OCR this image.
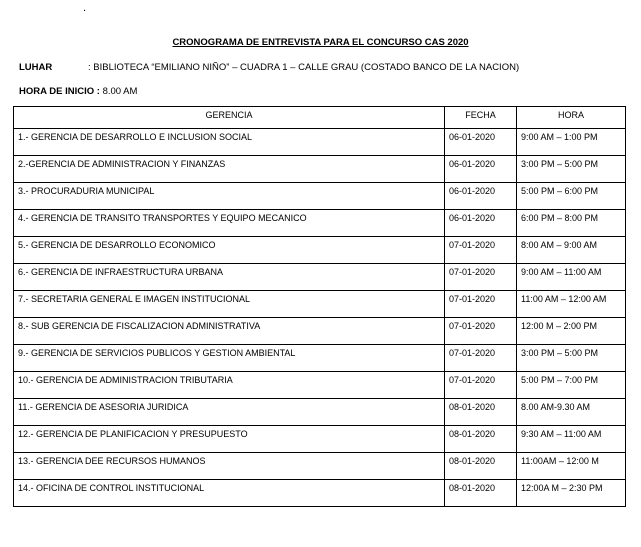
.
CRONOGRAMA DE ENTREVISTA PARA EL CONCURSO CAS 2020
LUHAR	: BIBLIOTECA “EMILIANO NIÑO” – CUADRA 1 – CALLE GRAU (COSTADO BANCO DE LA NACION)
HORA DE INICIO : 8.00 AM
GERENCIA	FECHA	HORA
1.- GERENCIA DE DESARROLLO E INCLUSION SOCIAL	06-01-2020	9:00 AM – 1:00 PM
2.-GERENCIA DE ADMINISTRACION Y FINANZAS	06-01-2020	3:00 PM – 5:00 PM
3.- PROCURADURIA MUNICIPAL	06-01-2020	5:00 PM – 6:00 PM
4.- GERENCIA DE TRANSITO TRANSPORTES Y EQUIPO MECANICO	06-01-2020	6:00 PM – 8:00 PM
5.- GERENCIA DE DESARROLLO ECONOMICO	07-01-2020	8:00 AM – 9:00 AM
6.- GERENCIA DE INFRAESTRUCTURA URBANA	07-01-2020	9:00 AM – 11:00 AM
7.- SECRETARIA GENERAL E IMAGEN INSTITUCIONAL	07-01-2020	11:00 AM – 12:00 AM
8.- SUB GERENCIA DE FISCALIZACION ADMINISTRATIVA	07-01-2020	12:00 M – 2:00 PM
9.- GERENCIA DE SERVICIOS PUBLICOS Y GESTION AMBIENTAL	07-01-2020	3:00 PM – 5:00 PM
10.- GERENCIA DE ADMINISTRACION TRIBUTARIA	07-01-2020	5:00 PM – 7:00 PM
11.- GERENCIA DE ASESORIA JURIDICA	08-01-2020	8.00 AM-9.30 AM
12.- GERENCIA DE PLANIFICACION Y PRESUPUESTO	08-01-2020	9:30 AM – 11:00 AM
13.- GERENCIA DEE RECURSOS HUMANOS	08-01-2020	11:00AM – 12:00 M
14.- OFICINA DE CONTROL INSTITUCIONAL	08-01-2020	12:00A M – 2:30 PM
